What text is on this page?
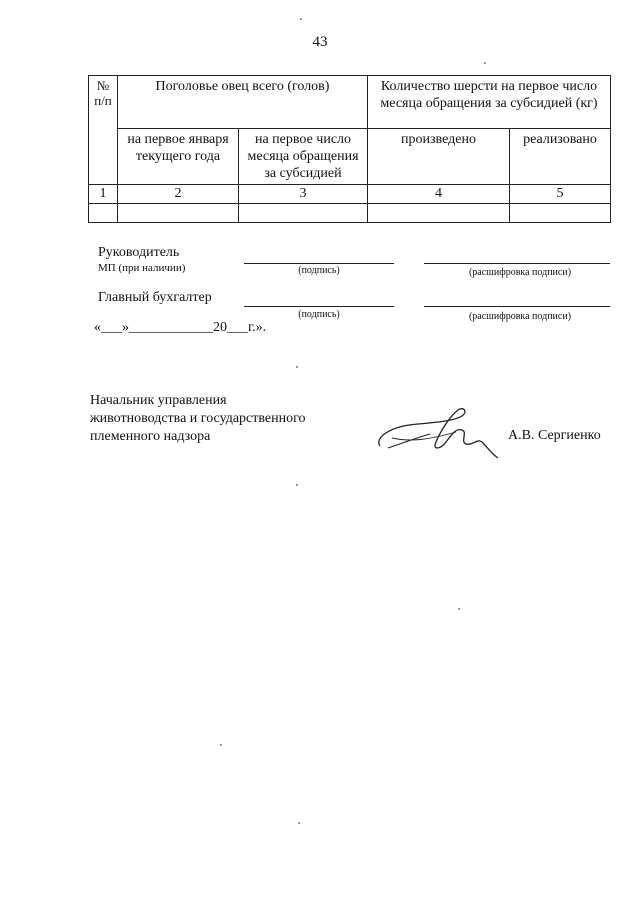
43
№ п/п	Поголовье овец всего (голов)		Количество шерсти на первое число месяца обращения за субсидией (кг)	
	на первое января текущего года	на первое число месяца обращения за субсидией	произведено	реализовано
1	2	3	4	5

Руководитель
МП (при наличии)	(подпись)	(расшифровка подписи)
Главный бухгалтер
(подпись)	(расшифровка подписи)
«___»____________20___г.».
Начальник управления
животноводства и государственного
племенного надзора	А.В. Сергиенко
